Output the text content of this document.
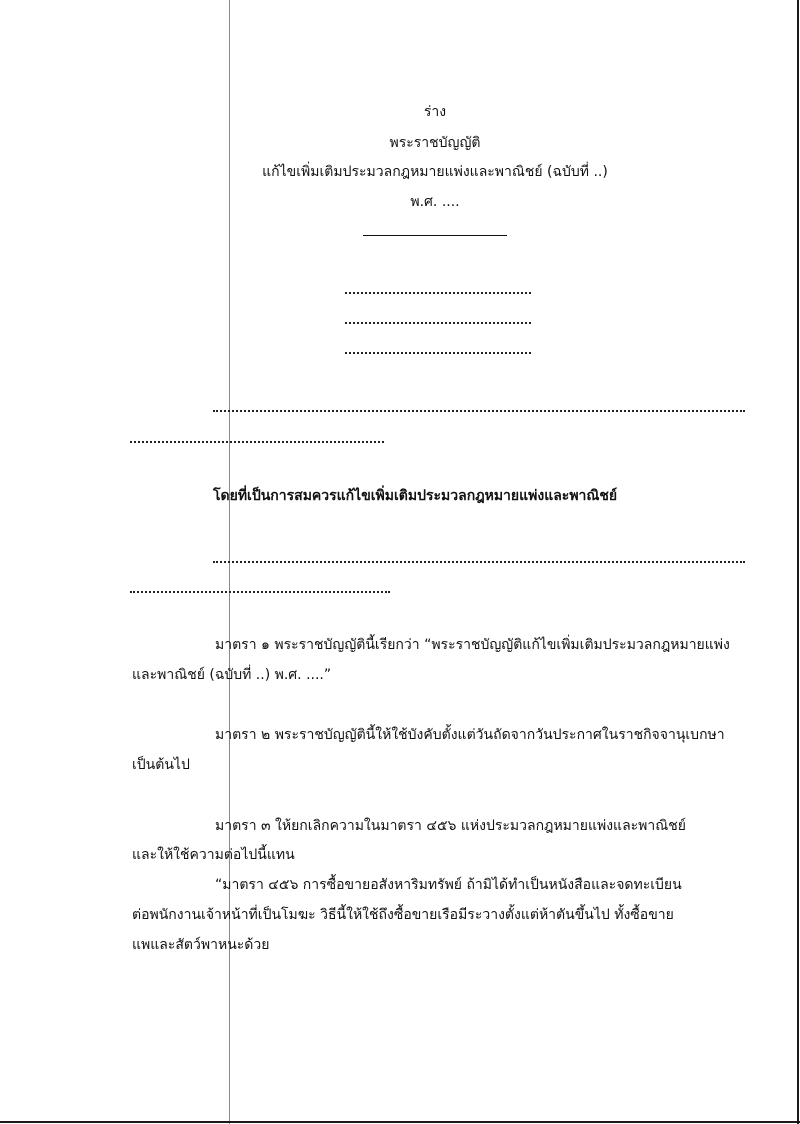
ร่าง

พระราชบัญญัติ

แก้ไขเพิ่มเติมประมวลกฎหมายแพ่งและพาณิชย์ (ฉบับที่ ..)

พ.ศ. ....

โดยที่เป็นการสมควรแก้ไขเพิ่มเติมประมวลกฎหมายแพ่งและพาณิชย์

มาตรา ๑ พระราชบัญญัตินี้เรียกว่า “พระราชบัญญัติแก้ไขเพิ่มเติมประมวลกฎหมายแพ่ง

และพาณิชย์ (ฉบับที่ ..) พ.ศ. ....”

มาตรา ๒ พระราชบัญญัตินี้ให้ใช้บังคับตั้งแต่วันถัดจากวันประกาศในราชกิจจานุเบกษา

เป็นต้นไป

มาตรา ๓ ให้ยกเลิกความในมาตรา ๔๕๖ แห่งประมวลกฎหมายแพ่งและพาณิชย์

และให้ใช้ความต่อไปนี้แทน

“มาตรา ๔๕๖ การซื้อขายอสังหาริมทรัพย์ ถ้ามิได้ทำเป็นหนังสือและจดทะเบียน

ต่อพนักงานเจ้าหน้าที่เป็นโมฆะ วิธีนี้ให้ใช้ถึงซื้อขายเรือมีระวางตั้งแต่ห้าตันขึ้นไป ทั้งซื้อขาย

แพและสัตว์พาหนะด้วย
